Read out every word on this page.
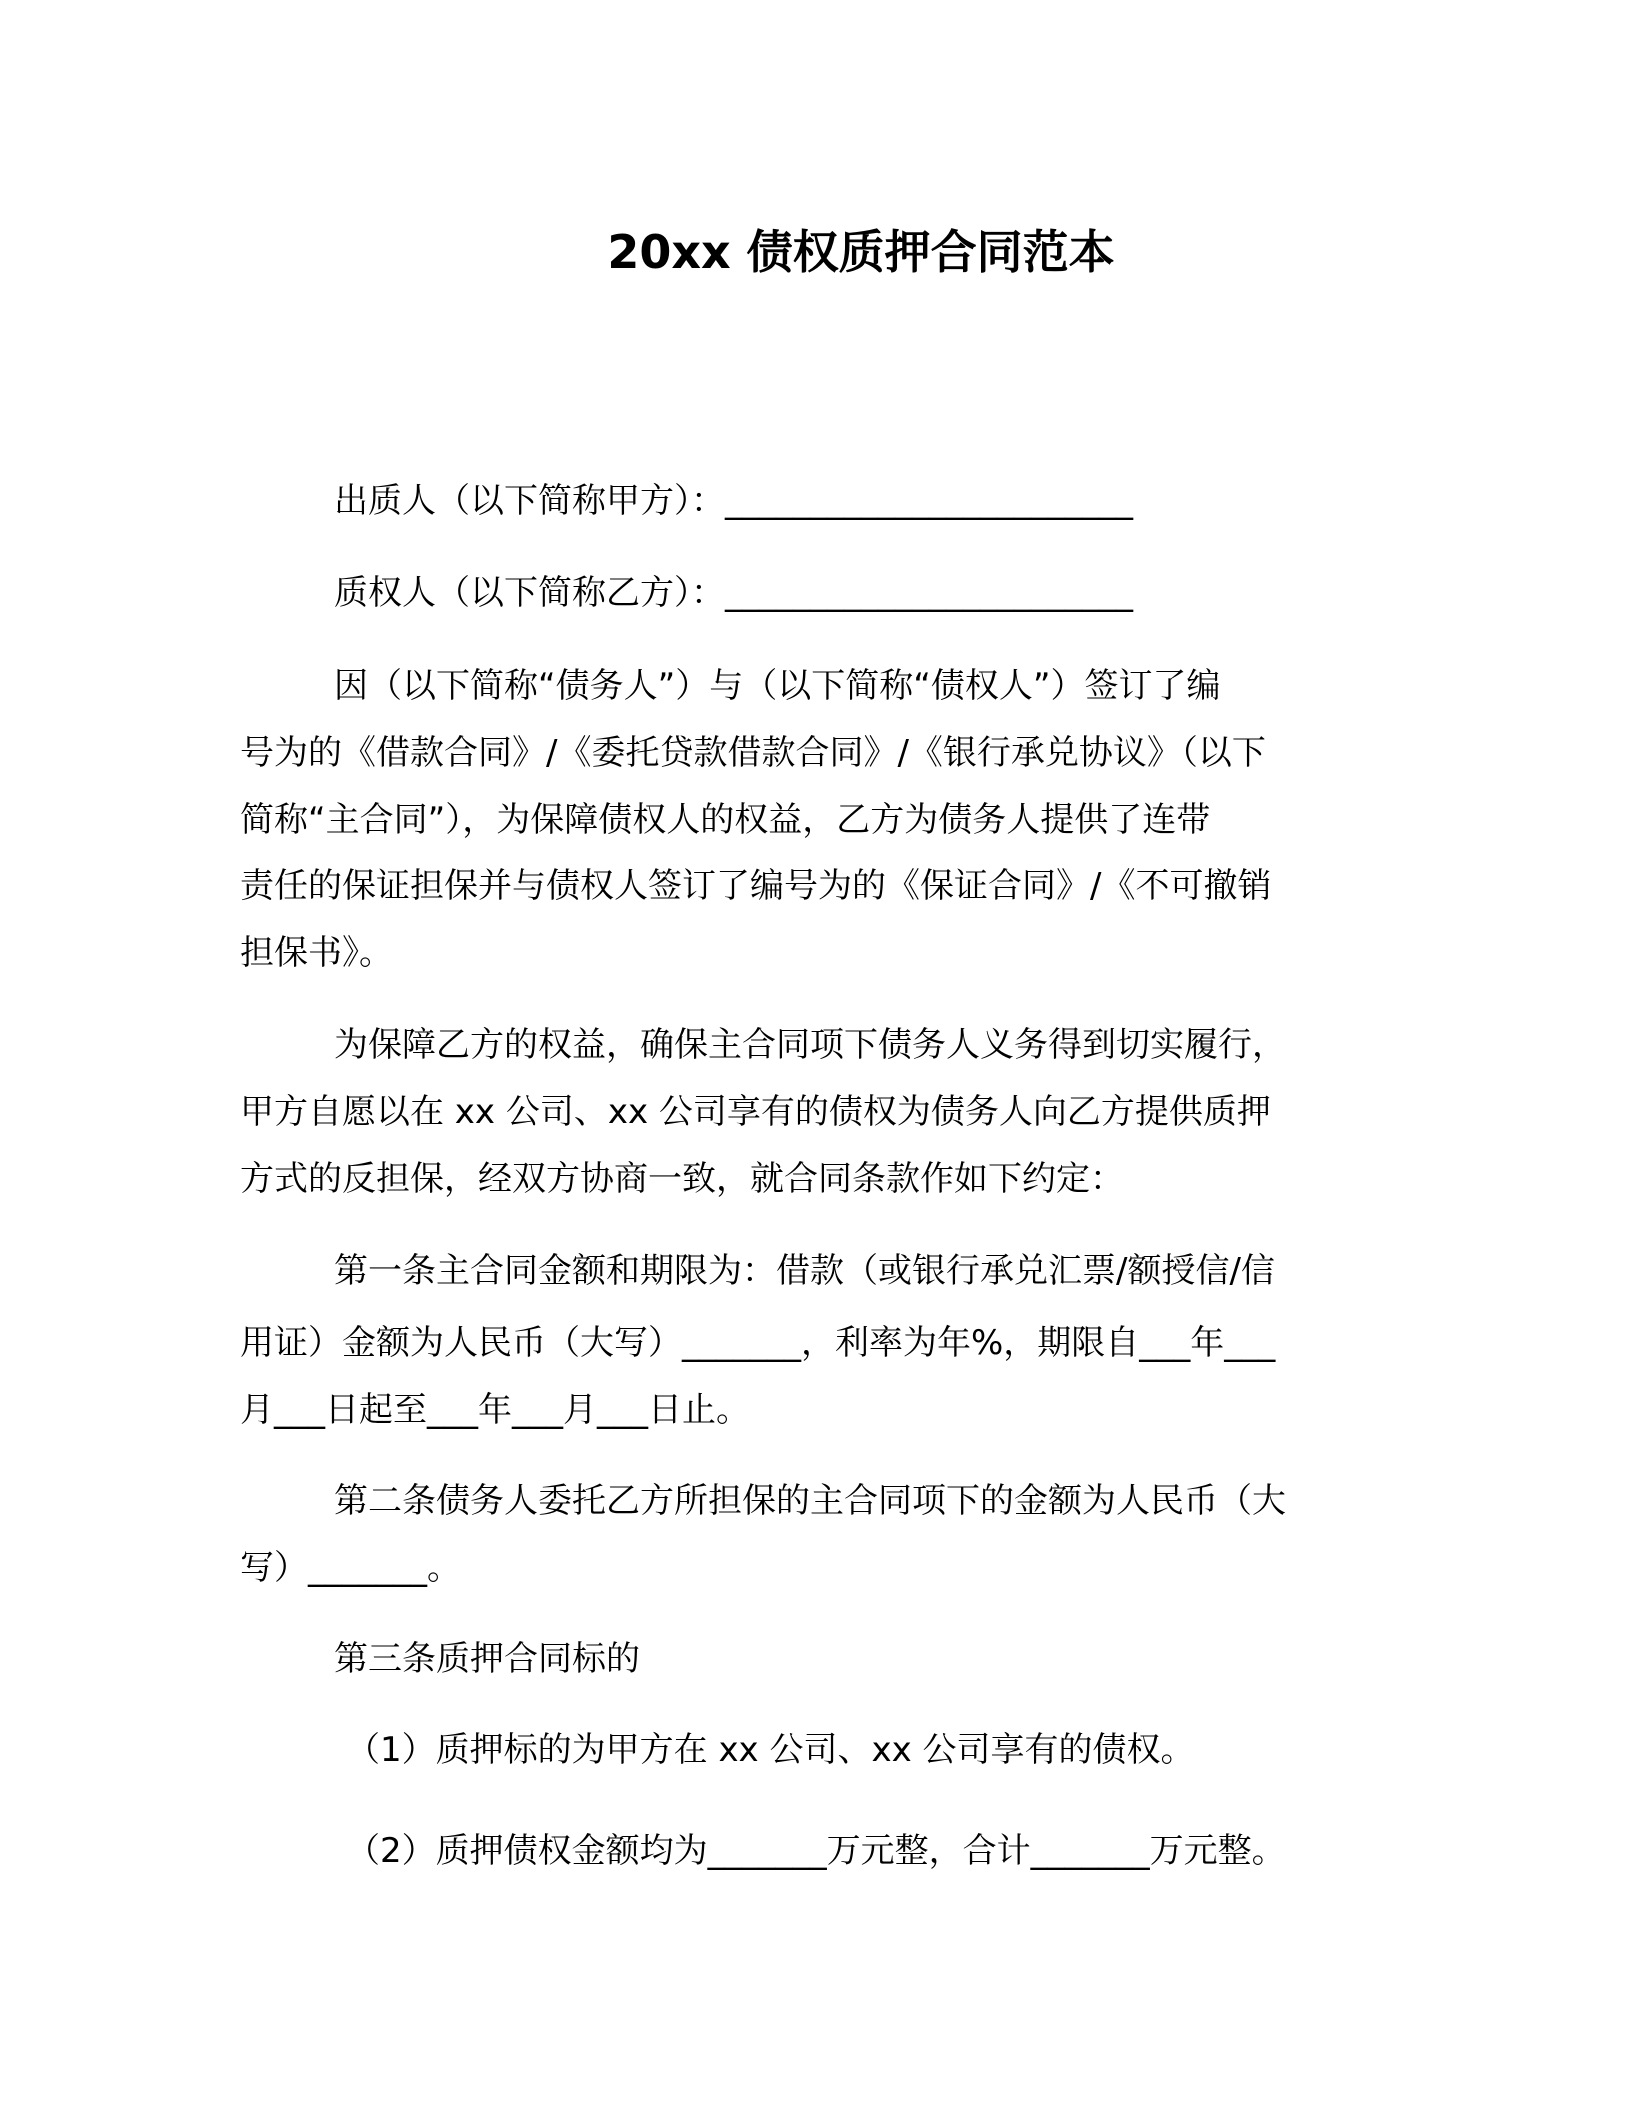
20xx 债权质押合同范本
出质人（以下简称甲方）：________________________
质权人（以下简称乙方）：________________________
因（以下简称“债务人”）与（以下简称“债权人”）签订了编
号为的《借款合同》/《委托贷款借款合同》/《银行承兑协议》（以下
简称“主合同”），为保障债权人的权益，乙方为债务人提供了连带
责任的保证担保并与债权人签订了编号为的《保证合同》/《不可撤销
担保书》。
为保障乙方的权益，确保主合同项下债务人义务得到切实履行，
甲方自愿以在 xx 公司、xx 公司享有的债权为债务人向乙方提供质押
方式的反担保，经双方协商一致，就合同条款作如下约定：
第一条主合同金额和期限为：借款（或银行承兑汇票/额授信/信
用证）金额为人民币（大写）_______，利率为年%，期限自___年___
月___日起至___年___月___日止。
第二条债务人委托乙方所担保的主合同项下的金额为人民币（大
写）_______。
第三条质押合同标的
（1）质押标的为甲方在 xx 公司、xx 公司享有的债权。
（2）质押债权金额均为_______万元整，合计_______万元整。
